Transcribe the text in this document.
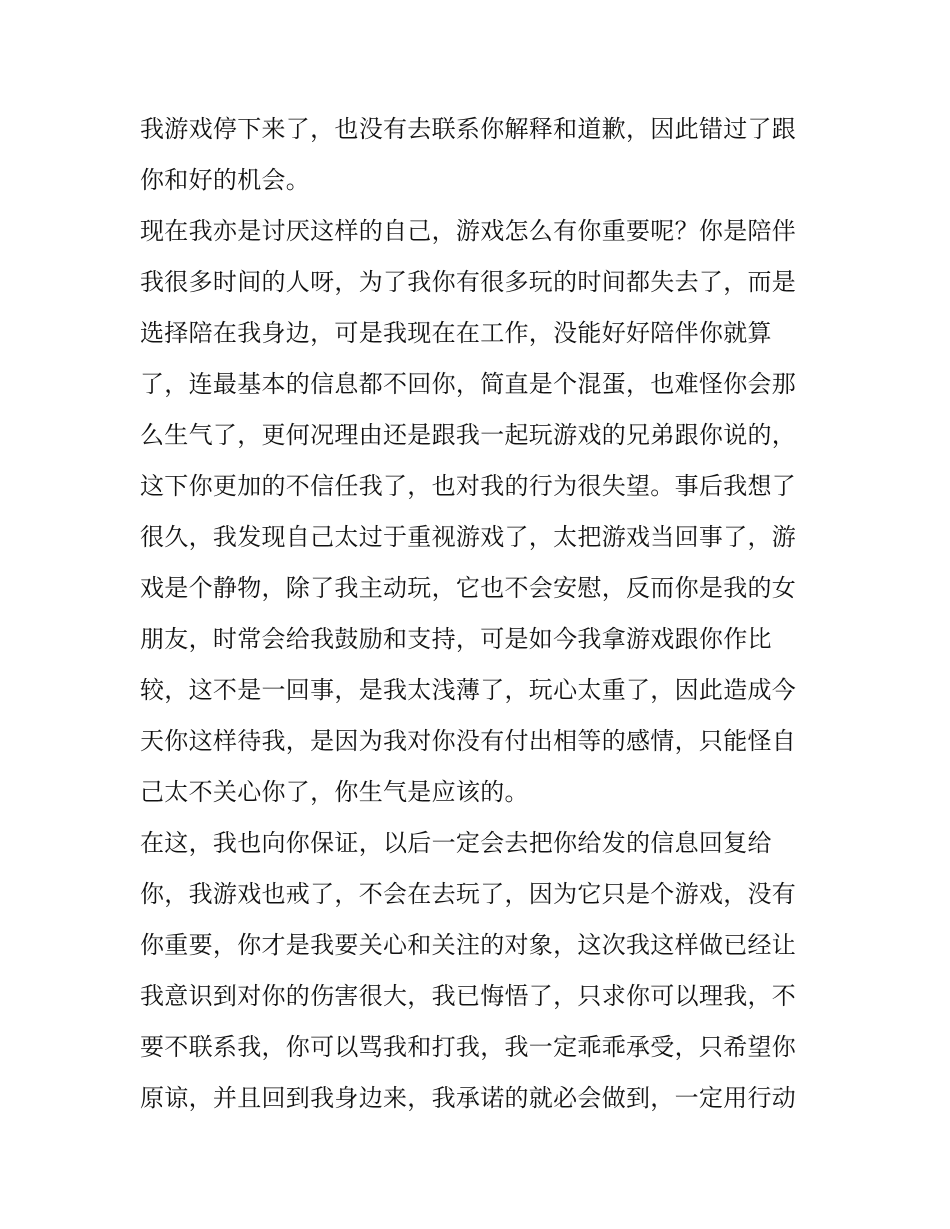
我游戏停下来了，也没有去联系你解释和道歉，因此错过了跟
你和好的机会。
现在我亦是讨厌这样的自己，游戏怎么有你重要呢？你是陪伴
我很多时间的人呀，为了我你有很多玩的时间都失去了，而是
选择陪在我身边，可是我现在在工作，没能好好陪伴你就算
了，连最基本的信息都不回你，简直是个混蛋，也难怪你会那
么生气了，更何况理由还是跟我一起玩游戏的兄弟跟你说的，
这下你更加的不信任我了，也对我的行为很失望。事后我想了
很久，我发现自己太过于重视游戏了，太把游戏当回事了，游
戏是个静物，除了我主动玩，它也不会安慰，反而你是我的女
朋友，时常会给我鼓励和支持，可是如今我拿游戏跟你作比
较，这不是一回事，是我太浅薄了，玩心太重了，因此造成今
天你这样待我，是因为我对你没有付出相等的感情，只能怪自
己太不关心你了，你生气是应该的。
在这，我也向你保证，以后一定会去把你给发的信息回复给
你，我游戏也戒了，不会在去玩了，因为它只是个游戏，没有
你重要，你才是我要关心和关注的对象，这次我这样做已经让
我意识到对你的伤害很大，我已悔悟了，只求你可以理我，不
要不联系我，你可以骂我和打我，我一定乖乖承受，只希望你
原谅，并且回到我身边来，我承诺的就必会做到，一定用行动
